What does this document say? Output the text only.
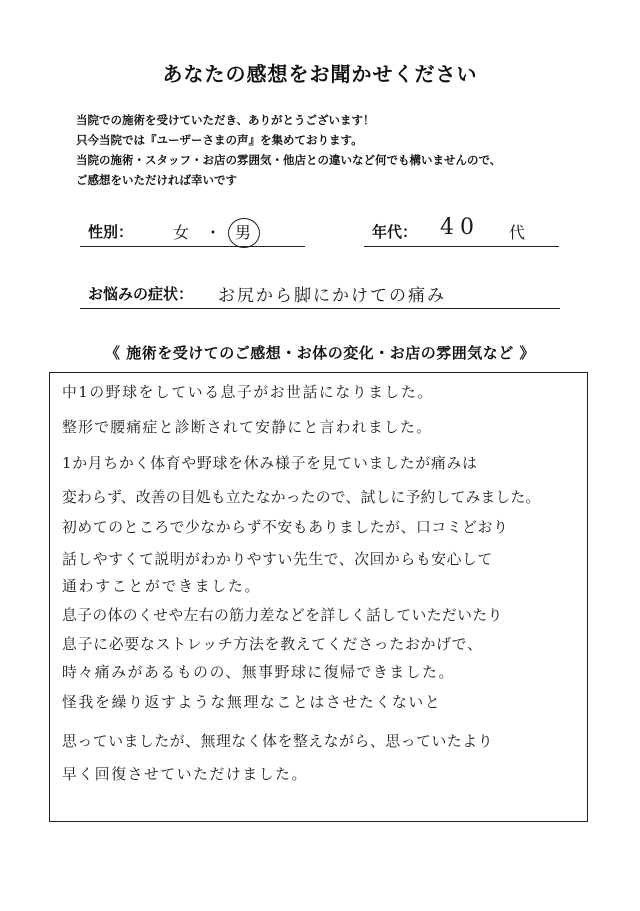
あなたの感想をお聞かせください
当院での施術を受けていただき、ありがとうございます！
只今当院では『ユーザーさまの声』を集めております。
当院の施術・スタッフ・お店の雰囲気・他店との違いなど何でも構いませんので、
ご感想をいただければ幸いです
性別： 女 ・ 男	年代： 40 代
お悩みの症状： お尻から脚にかけての痛み
《 施術を受けてのご感想・お体の変化・お店の雰囲気など 》
中1の野球をしている息子がお世話になりました。
整形で腰痛症と診断されて安静にと言われました。
1か月ちかく体育や野球を休み様子を見ていましたが痛みは
変わらず、改善の目処も立たなかったので、試しに予約してみました。
初めてのところで少なからず不安もありましたが、口コミどおり
話しやすくて説明がわかりやすい先生で、次回からも安心して
通わすことができました。
息子の体のくせや左右の筋力差などを詳しく話していただいたり
息子に必要なストレッチ方法を教えてくださったおかげで、
時々痛みがあるものの、無事野球に復帰できました。
怪我を繰り返すような無理なことはさせたくないと
思っていましたが、無理なく体を整えながら、思っていたより
早く回復させていただけました。
